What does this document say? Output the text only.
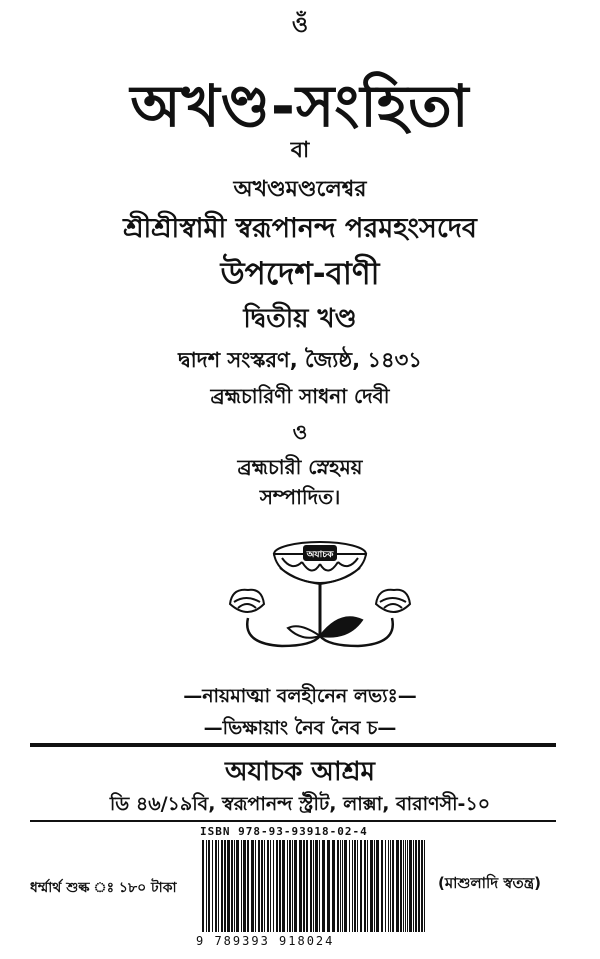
ওঁ
অখণ্ড-সংহিতা
বা
অখণ্ডমণ্ডলেশ্বর
শ্রীশ্রীস্বামী স্বরূপানন্দ পরমহংসদেব
উপদেশ-বাণী
দ্বিতীয় খণ্ড
দ্বাদশ সংস্করণ, জ্যৈষ্ঠ, ১৪৩১
ব্রহ্মচারিণী সাধনা দেবী
ও
ব্রহ্মচারী স্নেহময়
সম্পাদিত।
অযাচক
—নায়মাত্মা বলহীনেন লভ্যঃ—
—ভিক্ষায়াং নৈব নৈব চ—
অযাচক আশ্রম
ডি ৪৬/১৯বি, স্বরূপানন্দ স্ট্রীট, লাক্সা, বারাণসী-১০
ISBN 978-93-93918-02-4
9 789393 918024
ধর্ম্মার্থ শুল্ক ঃ ১৮০ টাকা	(মাশুলাদি স্বতন্ত্র)
